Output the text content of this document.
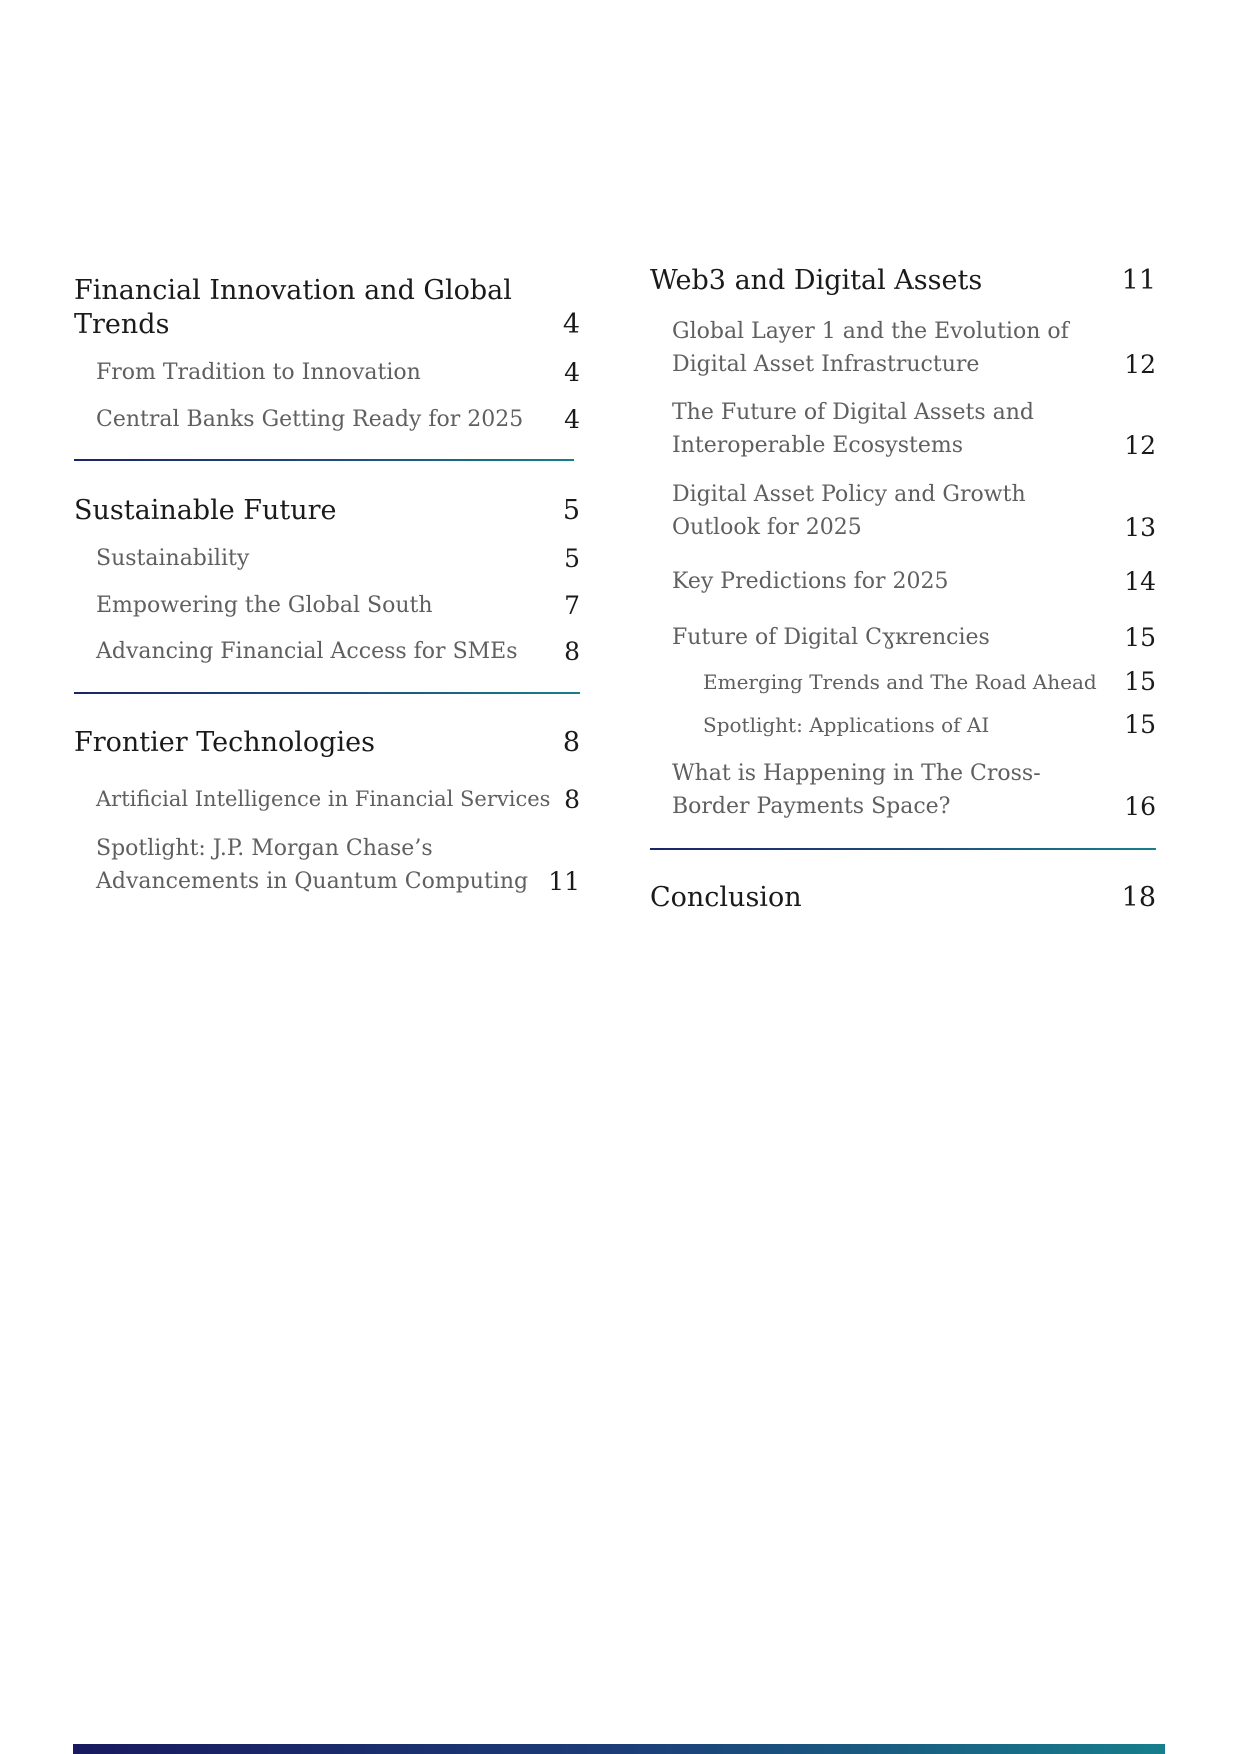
Financial Innovation and Global Trends	4
From Tradition to Innovation	4
Central Banks Getting Ready for 2025 4
Sustainable Future	5
Sustainability	5
Empowering the Global South	7
Advancing Financial Access for SMEs	8
Frontier Technologies	8
Artificial Intelligence in Financial Services 8
Spotlight: J.P. Morgan Chase’s Advancements in Quantum Computing 11
Web3 and Digital Assets	11
Global Layer 1 and the Evolution of Digital Asset Infrastructure	12
The Future of Digital Assets and Interoperable Ecosystems	12
Digital Asset Policy and Growth Outlook for 2025	13
Key Predictions for 2025	14
Future of Digital Cɣĸrencies	15
Emerging Trends and The Road Ahead 15
Spotlight: Applications of AI	15
What is Happening in The Cross-Border Payments Space?	16
Conclusion	18
